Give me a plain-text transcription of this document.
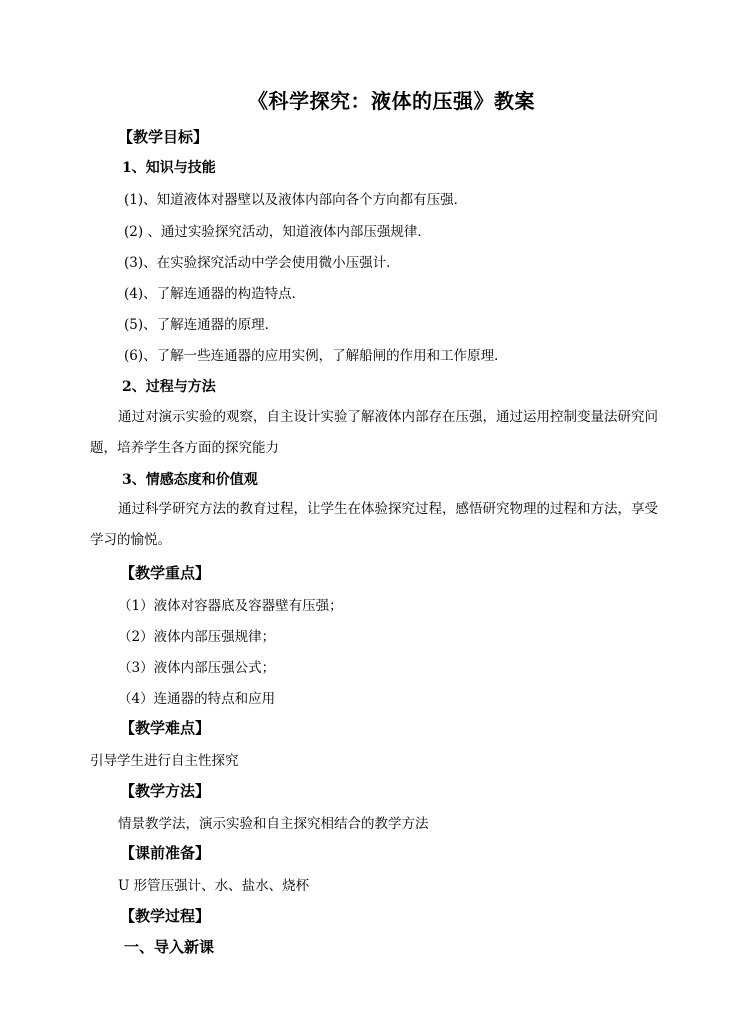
《科学探究：液体的压强》教案
【教学目标】
1、知识与技能
(1)、知道液体对器壁以及液体内部向各个方向都有压强．
(2) 、通过实验探究活动，知道液体内部压强规律．
(3)、在实验探究活动中学会使用微小压强计．
(4)、了解连通器的构造特点．
(5)、了解连通器的原理．
(6)、了解一些连通器的应用实例，了解船闸的作用和工作原理．
2、过程与方法
通过对演示实验的观察，自主设计实验了解液体内部存在压强，通过运用控制变量法研究问题，培养学生各方面的探究能力
3、情感态度和价值观
通过科学研究方法的教育过程，让学生在体验探究过程，感悟研究物理的过程和方法，享受学习的愉悦。
【教学重点】
（1）液体对容器底及容器壁有压强；
（2）液体内部压强规律；
（3）液体内部压强公式；
（4）连通器的特点和应用
【教学难点】
引导学生进行自主性探究
【教学方法】
情景教学法，演示实验和自主探究相结合的教学方法
【课前准备】
U 形管压强计、水、盐水、烧杯
【教学过程】
一、导入新课
